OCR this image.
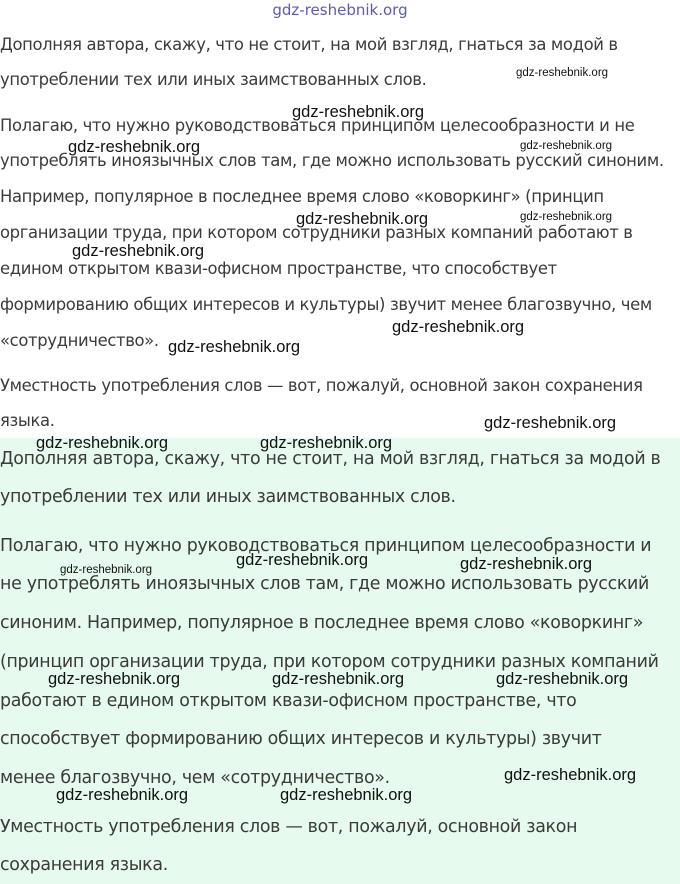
Дополняя автора, скажу, что не стоит, на мой взгляд, гнаться за модой в
употреблении тех или иных заимствованных слов.
Полагаю, что нужно руководствоваться принципом целесообразности и не
употреблять иноязычных слов там, где можно использовать русский синоним.
Например, популярное в последнее время слово «коворкинг» (принцип
организации труда, при котором сотрудники разных компаний работают в
едином открытом квази-офисном пространстве, что способствует
формированию общих интересов и культуры) звучит менее благозвучно, чем
«сотрудничество».
Уместность употребления слов — вот, пожалуй, основной закон сохранения
языка.
Дополняя автора, скажу, что не стоит, на мой взгляд, гнаться за модой в
употреблении тех или иных заимствованных слов.
Полагаю, что нужно руководствоваться принципом целесообразности и
не употреблять иноязычных слов там, где можно использовать русский
синоним. Например, популярное в последнее время слово «коворкинг»
(принцип организации труда, при котором сотрудники разных компаний
работают в едином открытом квази-офисном пространстве, что
способствует формированию общих интересов и культуры) звучит
менее благозвучно, чем «сотрудничество».
Уместность употребления слов — вот, пожалуй, основной закон
сохранения языка.
gdz-reshebnik.org
gdz-reshebnik.org
gdz-reshebnik.org
gdz-reshebnik.org	gdz-reshebnik.org
gdz-reshebnik.org	gdz-reshebnik.org
gdz-reshebnik.org
gdz-reshebnik.org
gdz-reshebnik.org
gdz-reshebnik.org
gdz-reshebnik.org	gdz-reshebnik.org
gdz-reshebnik.org	gdz-reshebnik.org
gdz-reshebnik.org
gdz-reshebnik.org	gdz-reshebnik.org	gdz-reshebnik.org
gdz-reshebnik.org
gdz-reshebnik.org	gdz-reshebnik.org
